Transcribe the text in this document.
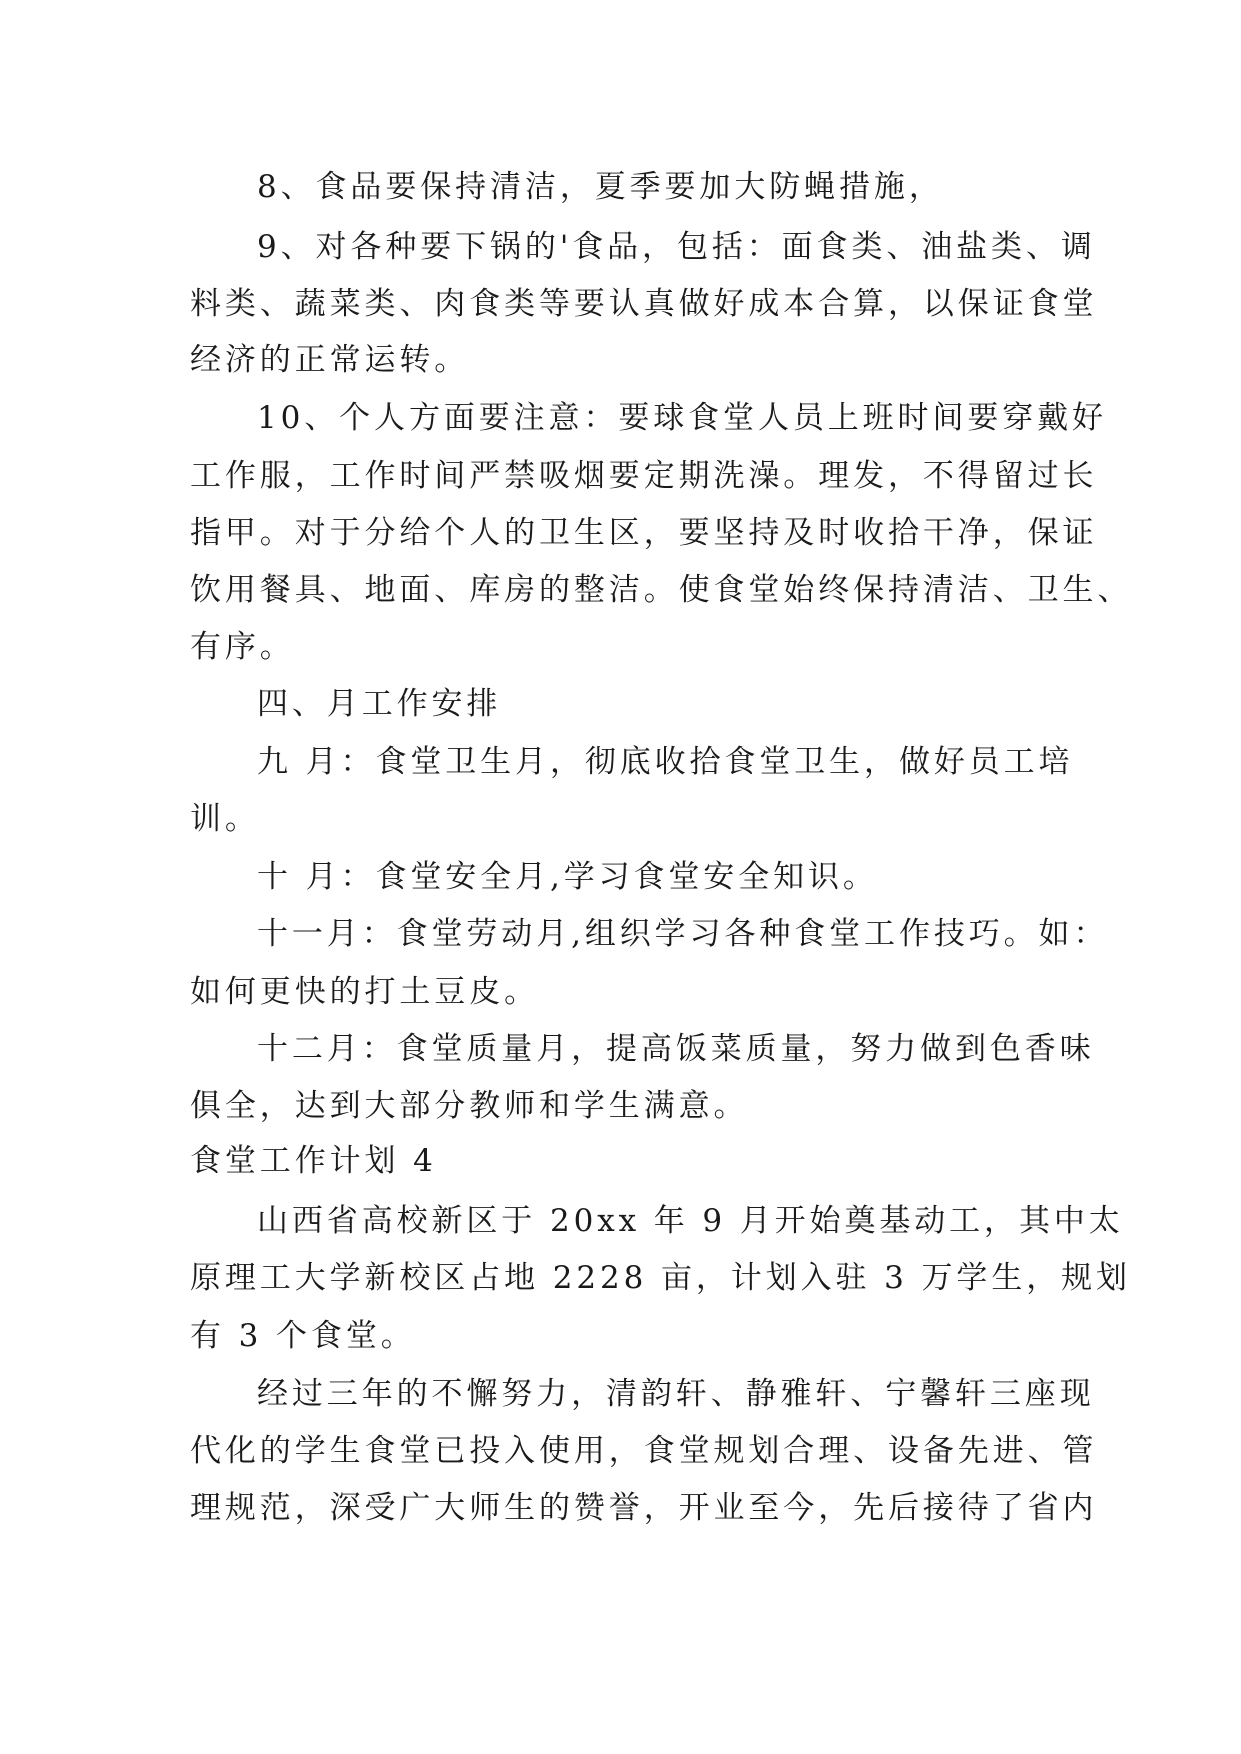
8、食品要保持清洁，夏季要加大防蝇措施，
9、对各种要下锅的'食品，包括：面食类、油盐类、调
料类、蔬菜类、肉食类等要认真做好成本合算，以保证食堂
经济的正常运转。
10、个人方面要注意：要球食堂人员上班时间要穿戴好
工作服，工作时间严禁吸烟要定期洗澡。理发，不得留过长
指甲。对于分给个人的卫生区，要坚持及时收拾干净，保证
饮用餐具、地面、库房的整洁。使食堂始终保持清洁、卫生、
有序。
四、月工作安排
九 月：食堂卫生月，彻底收拾食堂卫生，做好员工培
训。
十 月：食堂安全月,学习食堂安全知识。
十一月：食堂劳动月,组织学习各种食堂工作技巧。如：
如何更快的打土豆皮。
十二月：食堂质量月，提高饭菜质量，努力做到色香味
俱全，达到大部分教师和学生满意。
食堂工作计划 4
山西省高校新区于 20xx 年 9 月开始奠基动工，其中太
原理工大学新校区占地 2228 亩，计划入驻 3 万学生，规划
有 3 个食堂。
经过三年的不懈努力，清韵轩、静雅轩、宁馨轩三座现
代化的学生食堂已投入使用，食堂规划合理、设备先进、管
理规范，深受广大师生的赞誉，开业至今，先后接待了省内
